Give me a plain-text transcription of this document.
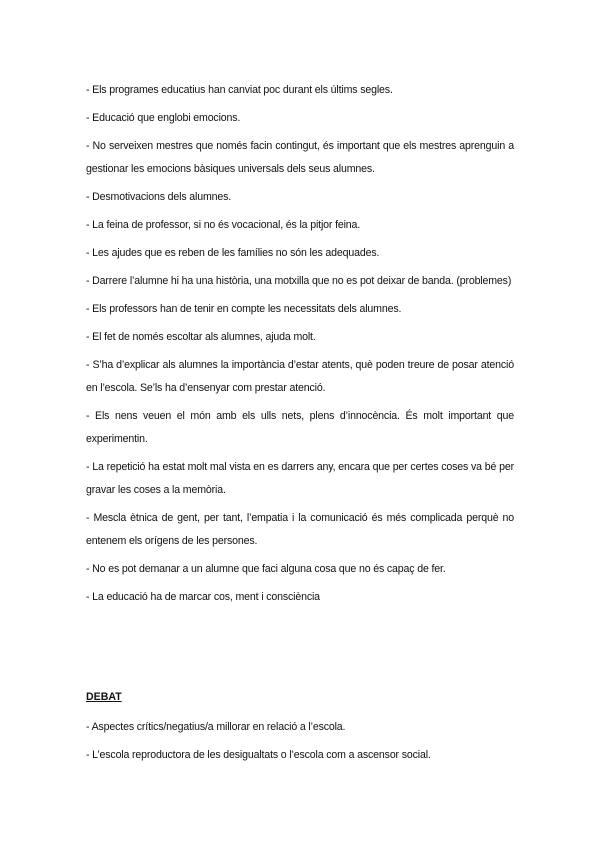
- Els programes educatius han canviat poc durant els últims segles.

- Educació que englobi emocions.

- No serveixen mestres que només facin contingut, és important que els mestres aprenguin a gestionar les emocions bàsiques universals dels seus alumnes.

- Desmotivacions dels alumnes.

- La feina de professor, si no és vocacional, és la pitjor feina.

- Les ajudes que es reben de les famílies no són les adequades.

- Darrere l’alumne hi ha una història, una motxilla que no es pot deixar de banda. (problemes)

- Els professors han de tenir en compte les necessitats dels alumnes.

- El fet de només escoltar als alumnes, ajuda molt.

- S’ha d’explicar als alumnes la importància d’estar atents, què poden treure de posar atenció en l’escola. Se’ls ha d’ensenyar com prestar atenció.

- Els nens veuen el món amb els ulls nets, plens d’innocència. És molt important que experimentin.

- La repetició ha estat molt mal vista en es darrers any, encara que per certes coses va bé per gravar les coses a la memòria.

- Mescla ètnica de gent, per tant, l’empatia i la comunicació és més complicada perquè no entenem els orígens de les persones.

- No es pot demanar a un alumne que faci alguna cosa que no és capaç de fer.

- La educació ha de marcar cos, ment i consciència

DEBAT

- Aspectes crítics/negatius/a millorar en relació a l’escola.

- L’escola reproductora de les desigualtats o l’escola com a ascensor social.
